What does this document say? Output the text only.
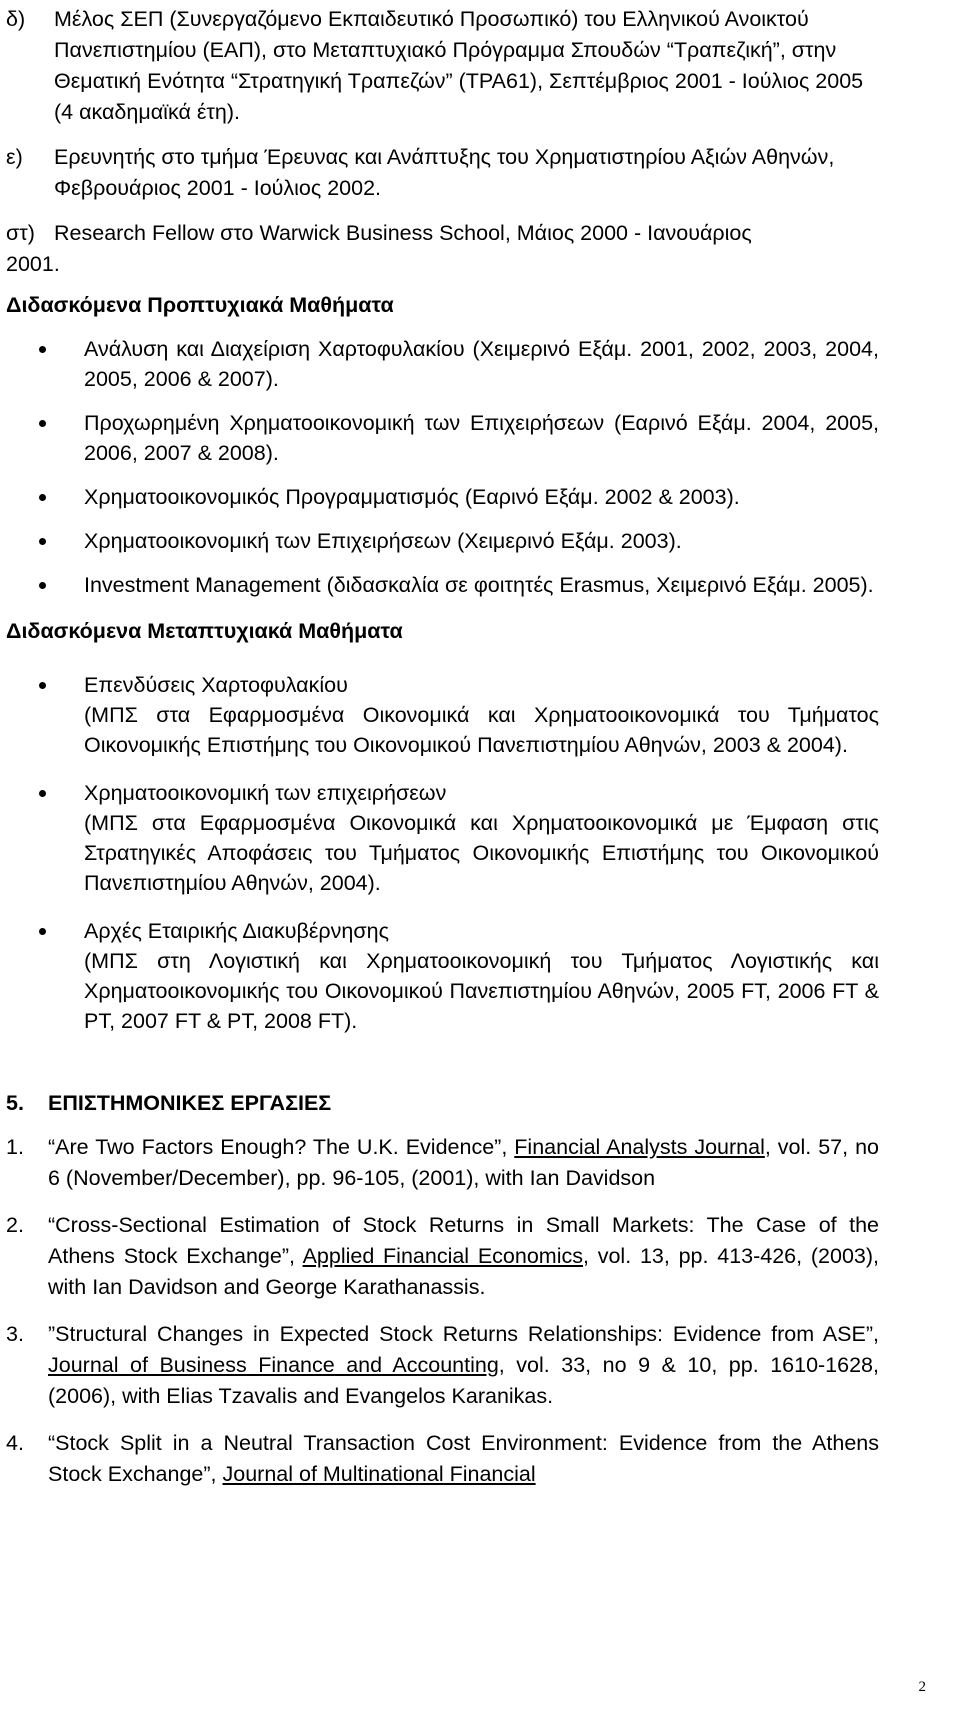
δ)	Μέλος ΣΕΠ (Συνεργαζόμενο Εκπαιδευτικό Προσωπικό) του Ελληνικού Ανοικτού Πανεπιστημίου (ΕΑΠ), στο Μεταπτυχιακό Πρόγραμμα Σπουδών “Τραπεζική”, στην Θεματική Ενότητα “Στρατηγική Τραπεζών” (ΤΡΑ61), Σεπτέμβριος 2001 - Ιούλιος 2005 (4 ακαδημαϊκά έτη).
ε)	Ερευνητής στο τμήμα Έρευνας και Ανάπτυξης του Χρηματιστηρίου Αξιών Αθηνών, Φεβρουάριος 2001 - Ιούλιος 2002.
στ) Research Fellow στο Warwick Business School, Μάιος 2000 - Ιανουάριος
2001.
Διδασκόμενα Προπτυχιακά Μαθήματα
Ανάλυση και Διαχείριση Χαρτοφυλακίου (Χειμερινό Εξάμ. 2001, 2002, 2003, 2004, 2005, 2006 & 2007).
Προχωρημένη Χρηματοοικονομική των Επιχειρήσεων (Εαρινό Εξάμ. 2004, 2005, 2006, 2007 & 2008).
Χρηματοοικονομικός Προγραμματισμός (Εαρινό Εξάμ. 2002 & 2003).
Χρηματοοικονομική των Επιχειρήσεων (Χειμερινό Εξάμ. 2003).
Investment Management (διδασκαλία σε φοιτητές Erasmus, Χειμερινό Εξάμ. 2005).
Διδασκόμενα Μεταπτυχιακά Μαθήματα
Επενδύσεις Χαρτοφυλακίου
(ΜΠΣ στα Εφαρμοσμένα Οικονομικά και Χρηματοοικονομικά του Τμήματος Οικονομικής Επιστήμης του Οικονομικού Πανεπιστημίου Αθηνών, 2003 & 2004).
Χρηματοοικονομική των επιχειρήσεων
(ΜΠΣ στα Εφαρμοσμένα Οικονομικά και Χρηματοοικονομικά με Έμφαση στις Στρατηγικές Αποφάσεις του Τμήματος Οικονομικής Επιστήμης του Οικονομικού Πανεπιστημίου Αθηνών, 2004).
Αρχές Εταιρικής Διακυβέρνησης
(ΜΠΣ στη Λογιστική και Χρηματοοικονομική του Τμήματος Λογιστικής και Χρηματοοικονομικής του Οικονομικού Πανεπιστημίου Αθηνών, 2005 FT, 2006 FT & PT, 2007 FT & PT, 2008 FT).
5.	ΕΠΙΣΤΗΜΟΝΙΚΕΣ ΕΡΓΑΣΙΕΣ
1.	“Are Two Factors Enough? The U.K. Evidence”, Financial Analysts Journal, vol. 57, no 6 (November/December), pp. 96-105, (2001), with Ian Davidson
2.	“Cross-Sectional Estimation of Stock Returns in Small Markets: The Case of the Athens Stock Exchange”, Applied Financial Economics, vol. 13, pp. 413-426, (2003), with Ian Davidson and George Karathanassis.
3.	”Structural Changes in Expected Stock Returns Relationships: Evidence from ASE”, Journal of Business Finance and Accounting, vol. 33, no 9 & 10, pp. 1610-1628, (2006), with Elias Tzavalis and Evangelos Karanikas.
4.	“Stock Split in a Neutral Transaction Cost Environment: Evidence from the Athens Stock Exchange”, Journal of Multinational Financial
2
